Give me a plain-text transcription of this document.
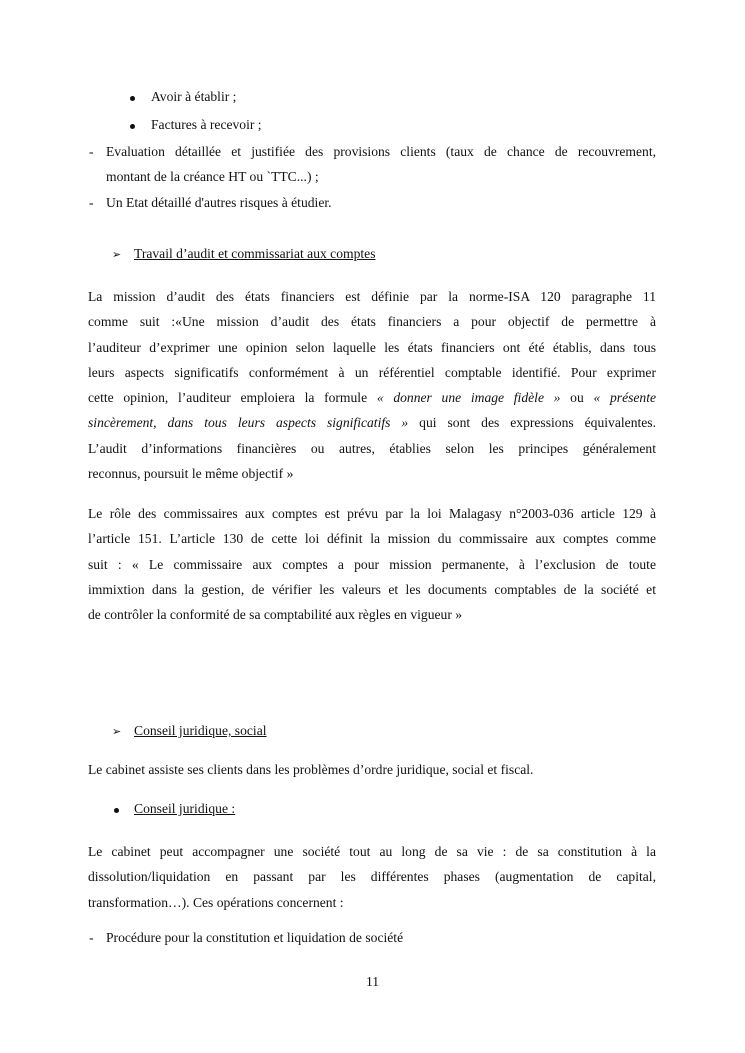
Avoir à établir ;
Factures à recevoir ;
- Evaluation détaillée et justifiée des provisions clients (taux de chance de recouvrement,
montant de la créance HT ou `TTC...) ;
- Un Etat détaillé d'autres risques à étudier.
➢ Travail d’audit et commissariat aux comptes

La mission d’audit des états financiers est définie par la norme-ISA 120 paragraphe 11

comme suit :«Une mission d’audit des états financiers a pour objectif de permettre à

l’auditeur d’exprimer une opinion selon laquelle les états financiers ont été établis, dans tous

leurs aspects significatifs conformément à un référentiel comptable identifié. Pour exprimer

cette opinion, l’auditeur emploiera la formule « donner une image fidèle » ou « présente

sincèrement, dans tous leurs aspects significatifs » qui sont des expressions équivalentes.

L’audit d’informations financières ou autres, établies selon les principes généralement

reconnus, poursuit le même objectif »

Le rôle des commissaires aux comptes est prévu par la loi Malagasy n°2003-036 article 129 à

l’article 151. L’article 130 de cette loi définit la mission du commissaire aux comptes comme

suit : « Le commissaire aux comptes a pour mission permanente, à l’exclusion de toute

immixtion dans la gestion, de vérifier les valeurs et les documents comptables de la société et

de contrôler la conformité de sa comptabilité aux règles en vigueur »

➢ Conseil juridique, social
Le cabinet assiste ses clients dans les problèmes d’ordre juridique, social et fiscal.
Conseil juridique :

Le cabinet peut accompagner une société tout au long de sa vie : de sa constitution à la

dissolution/liquidation en passant par les différentes phases (augmentation de capital,

transformation…). Ces opérations concernent :

- Procédure pour la constitution et liquidation de société
11
